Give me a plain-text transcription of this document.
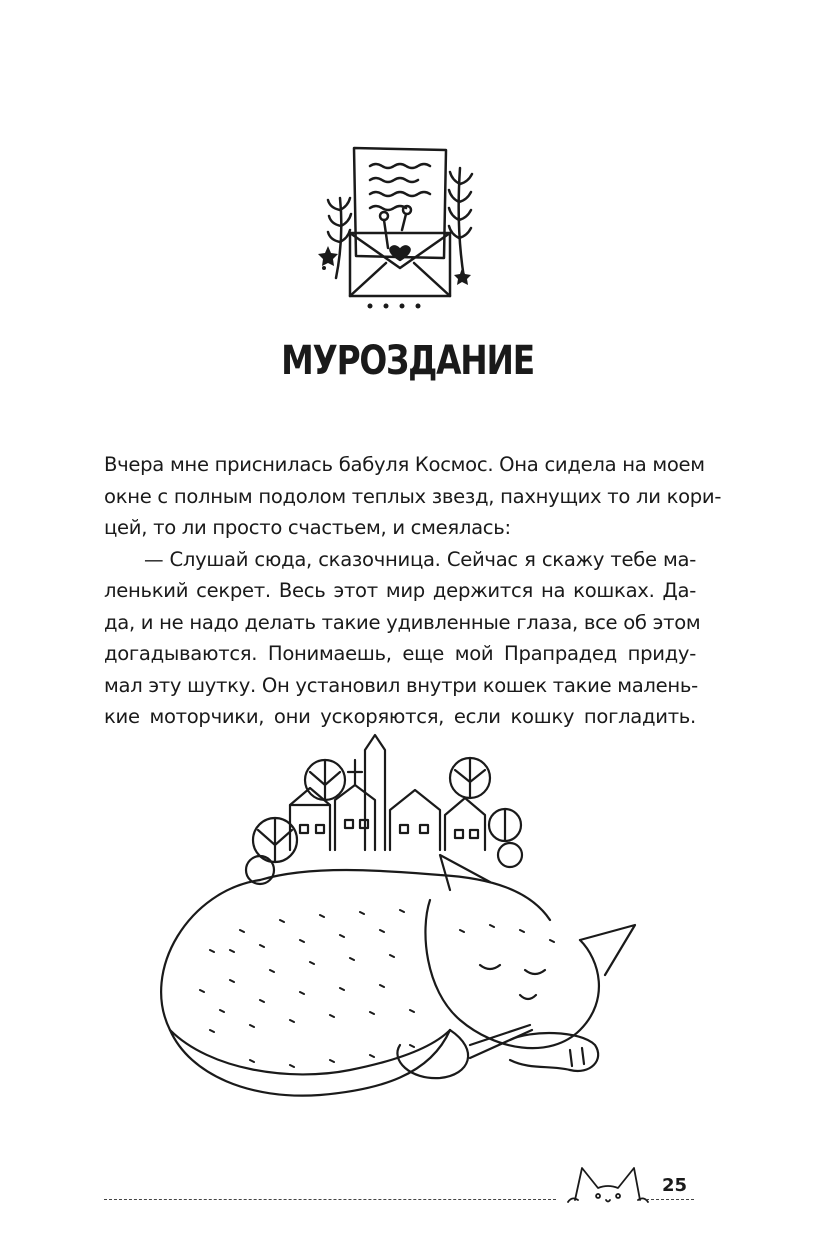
МУРОЗДАНИЕ
Вчера мне приснилась бабуля Космос. Она сидела на моем
окне с полным подолом теплых звезд, пахнущих то ли кори-
цей, то ли просто счастьем, и смеялась:
— Слушай сюда, сказочница. Сейчас я скажу тебе ма-
ленький секрет. Весь этот мир держится на кошках. Да-
да, и не надо делать такие удивленные глаза, все об этом
догадываются. Понимаешь, еще мой Прапрадед приду-
мал эту шутку. Он установил внутри кошек такие малень-
кие моторчики, они ускоряются, если кошку погладить.
25
